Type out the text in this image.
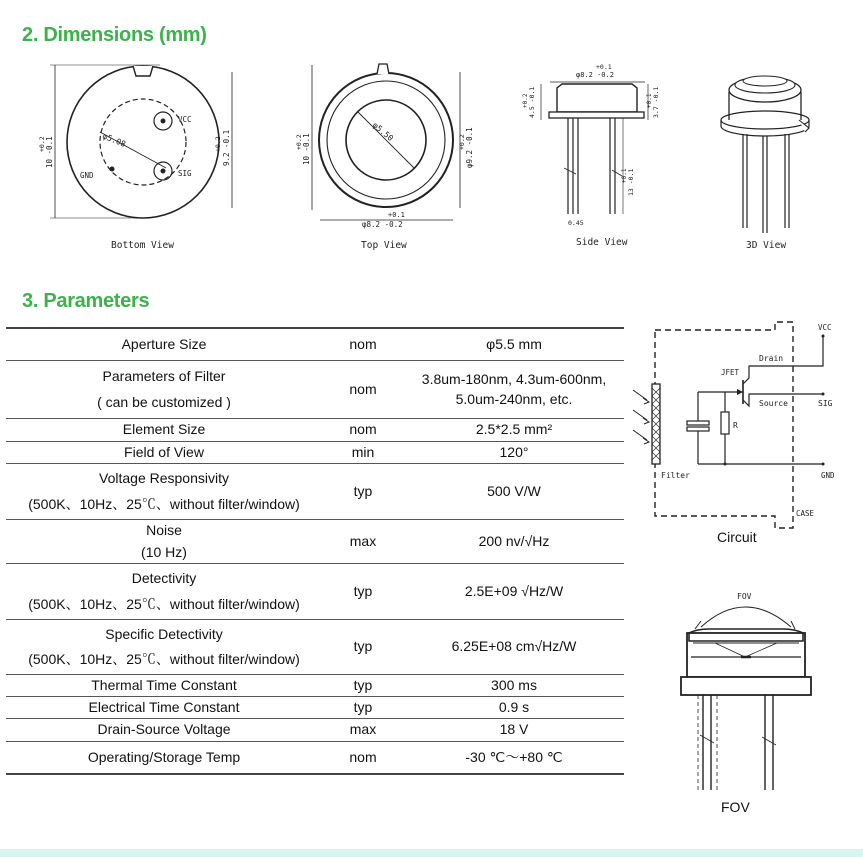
2. Dimensions (mm)
φ5.08
VCC
SIG
GND
10 -0.1
+0.2	9.2 -0.1
+0.2
Bottom View
φ5.50
10 -0.1
+0.2	φ9.2 -0.1
+0.2
+0.1
φ8.2 -0.2
Top View
+0.1
φ8.2 -0.2
4.5 -0.1
+0.2	3.7 -0.1
+0.1
13 -0.1
+0.1
0.45
Side View	3D View
3. Parameters
Aperture Size	nom	φ5.5 mm

Parameters of Filter
( can be customized )	nom	3.8um-180nm, 4.3um-600nm,
5.0um-240nm, etc.

Element Size	nom	2.5*2.5 mm²
Field of View	min	120°

Voltage Responsivity
(500K、10Hz、25℃、without filter/window)	typ	500 V/W

Noise
(10 Hz)	max	200 nv/√Hz

Detectivity
(500K、10Hz、25℃、without filter/window)	typ	2.5E+09 √Hz/W

Specific Detectivity
(500K、10Hz、25℃、without filter/window)	typ	6.25E+08 cm√Hz/W
Thermal Time Constant	typ	300 ms
Electrical Time Constant	typ	0.9 s
Drain-Source Voltage	max	18 V
Operating/Storage Temp	nom	-30 ℃～+80 ℃
Filter
R
JFET
Drain
VCC
Source	SIG
GND
CASE
Circuit
FOV
FOV
